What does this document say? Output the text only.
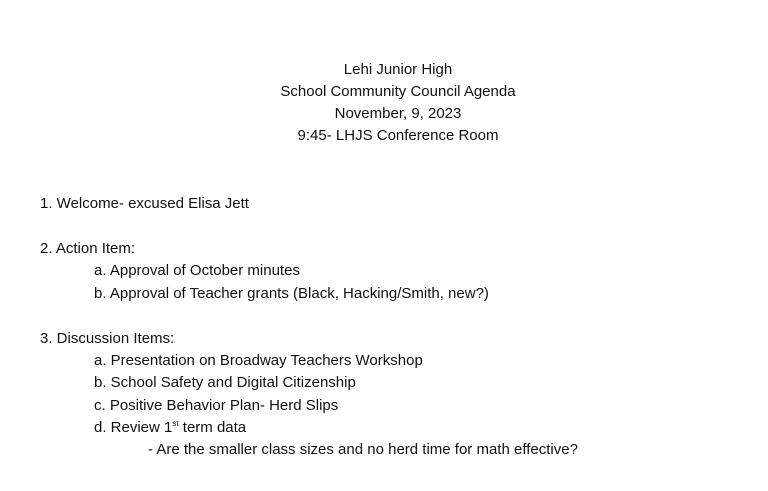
Lehi Junior High
School Community Council Agenda
November, 9, 2023
9:45- LHJS Conference Room
1. Welcome- excused Elisa Jett
2. Action Item:
a. Approval of October minutes
b. Approval of Teacher grants (Black, Hacking/Smith, new?)
3. Discussion Items:
a. Presentation on Broadway Teachers Workshop
b. School Safety and Digital Citizenship
c. Positive Behavior Plan- Herd Slips
d. Review 1st term data
- Are the smaller class sizes and no herd time for math effective?
